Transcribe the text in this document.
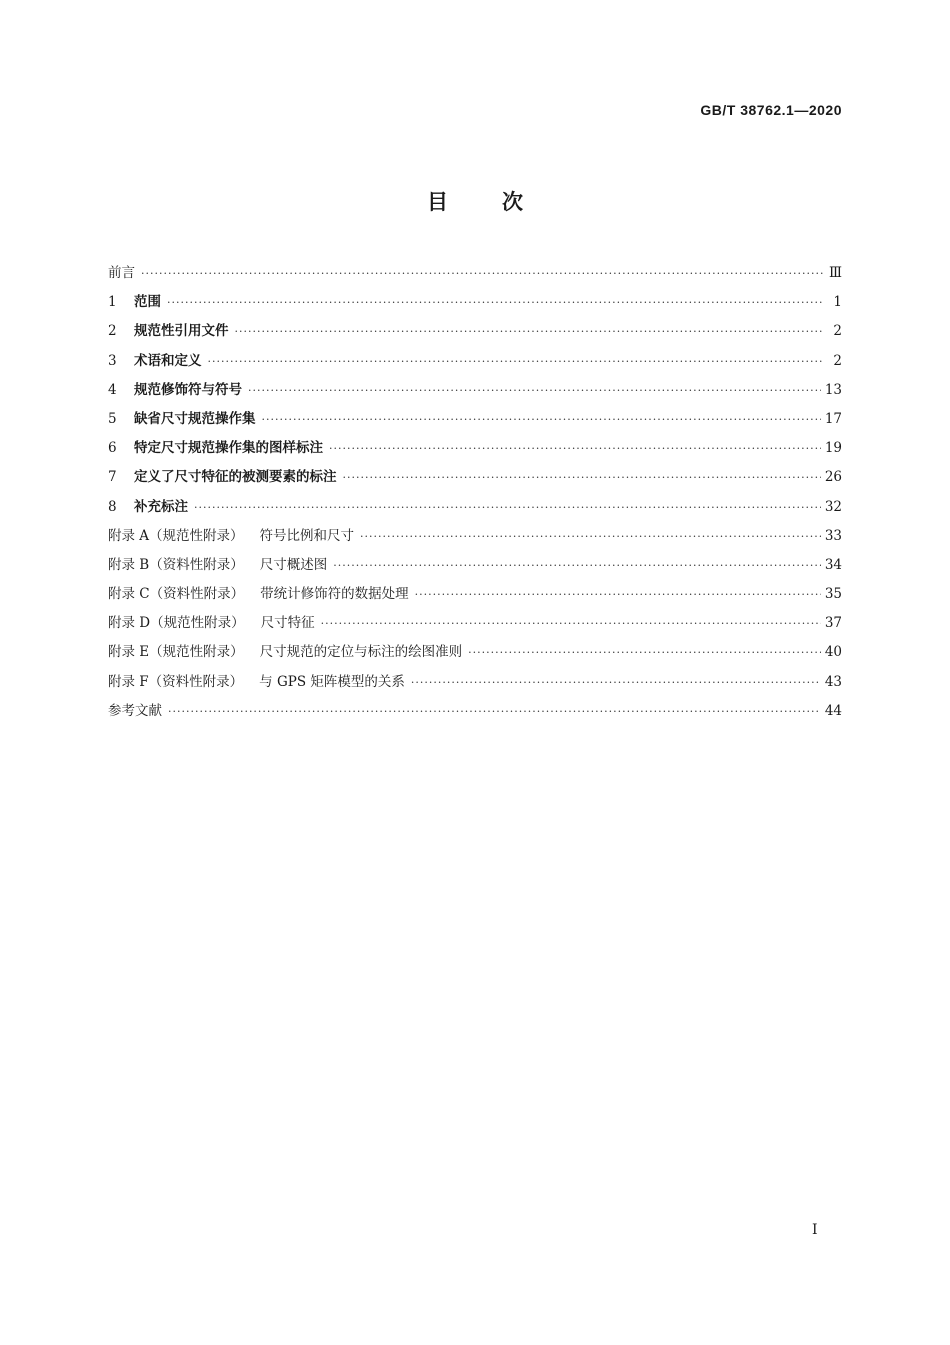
GB/T 38762.1—2020
目	次
前言 ·····	Ⅲ
1	范围 ·····	1
2	规范性引用文件 ·····	2
3	术语和定义 ·····	2
4	规范修饰符与符号 ·····	13
5	缺省尺寸规范操作集 ·····	17
6	特定尺寸规范操作集的图样标注 ·····	19
7	定义了尺寸特征的被测要素的标注 ·····	26
8	补充标注 ·····	32
附录 A（规范性附录） 符号比例和尺寸 ·····	33
附录 B（资料性附录） 尺寸概述图 ·····	34
附录 C（资料性附录） 带统计修饰符的数据处理 ·····	35
附录 D（规范性附录） 尺寸特征 ·····	37
附录 E（规范性附录） 尺寸规范的定位与标注的绘图准则 ·····	40
附录 F（资料性附录） 与 GPS 矩阵模型的关系 ·····	43
参考文献 ·····	44
Ⅰ
